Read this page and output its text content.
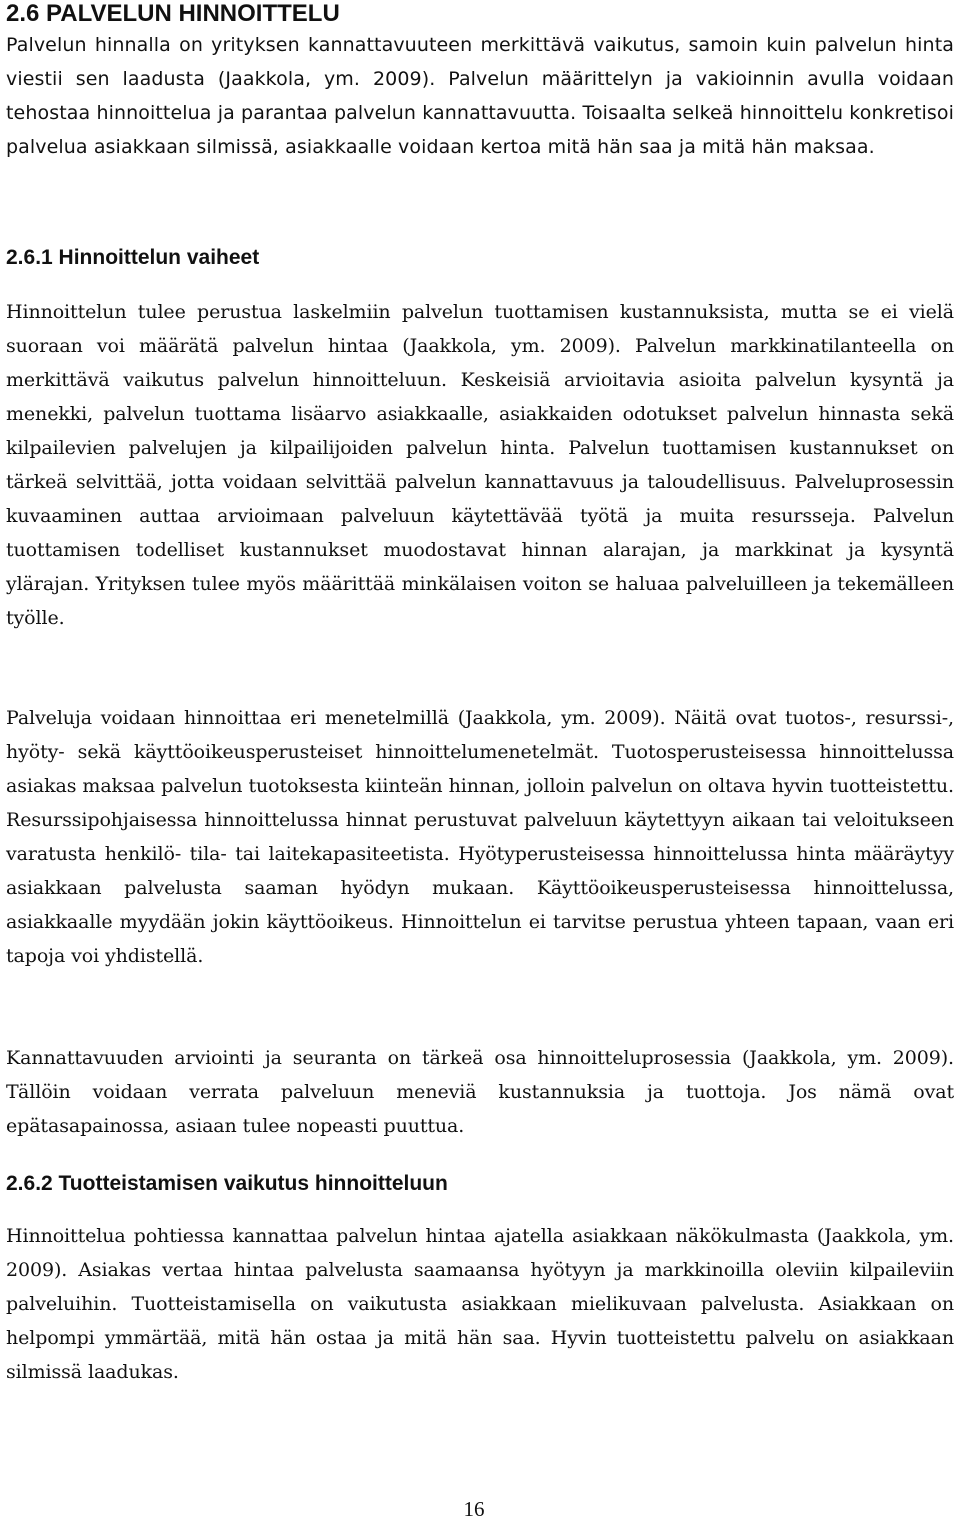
2.6 PALVELUN HINNOITTELU

Palvelun hinnalla on yrityksen kannattavuuteen merkittävä vaikutus, samoin kuin palvelun hinta viestii sen laadusta (Jaakkola, ym. 2009). Palvelun määrittelyn ja vakioinnin avulla voidaan tehostaa hinnoittelua ja parantaa palvelun kannattavuutta. Toisaalta selkeä hinnoittelu konkretisoi palvelua asiakkaan silmissä, asiakkaalle voidaan kertoa mitä hän saa ja mitä hän maksaa.

2.6.1 Hinnoittelun vaiheet

Hinnoittelun tulee perustua laskelmiin palvelun tuottamisen kustannuksista, mutta se ei vielä suoraan voi määrätä palvelun hintaa (Jaakkola, ym. 2009). Palvelun markkinatilanteella on merkittävä vaikutus palvelun hinnoitteluun. Keskeisiä arvioitavia asioita palvelun kysyntä ja menekki, palvelun tuottama lisäarvo asiakkaalle, asiakkaiden odotukset palvelun hinnasta sekä kilpailevien palvelujen ja kilpailijoiden palvelun hinta. Palvelun tuottamisen kustannukset on tärkeä selvittää, jotta voidaan selvittää palvelun kannattavuus ja taloudellisuus. Palveluprosessin kuvaaminen auttaa arvioimaan palveluun käytettävää työtä ja muita resursseja. Palvelun tuottamisen todelliset kustannukset muodostavat hinnan alarajan, ja markkinat ja kysyntä ylärajan. Yrityksen tulee myös määrittää minkälaisen voiton se haluaa palveluilleen ja tekemälleen työlle.

Palveluja voidaan hinnoittaa eri menetelmillä (Jaakkola, ym. 2009). Näitä ovat tuotos-, resurssi-, hyöty- sekä käyttöoikeusperusteiset hinnoittelumenetelmät. Tuotosperusteisessa hinnoittelussa asiakas maksaa palvelun tuotoksesta kiinteän hinnan, jolloin palvelun on oltava hyvin tuotteistettu. Resurssipohjaisessa hinnoittelussa hinnat perustuvat palveluun käytettyyn aikaan tai veloitukseen varatusta henkilö- tila- tai laitekapasiteetista. Hyötyperusteisessa hinnoittelussa hinta määräytyy asiakkaan palvelusta saaman hyödyn mukaan. Käyttöoikeusperusteisessa hinnoittelussa, asiakkaalle myydään jokin käyttöoikeus. Hinnoittelun ei tarvitse perustua yhteen tapaan, vaan eri tapoja voi yhdistellä.

Kannattavuuden arviointi ja seuranta on tärkeä osa hinnoitteluprosessia (Jaakkola, ym. 2009). Tällöin voidaan verrata palveluun meneviä kustannuksia ja tuottoja. Jos nämä ovat epätasapainossa, asiaan tulee nopeasti puuttua.

2.6.2 Tuotteistamisen vaikutus hinnoitteluun

Hinnoittelua pohtiessa kannattaa palvelun hintaa ajatella asiakkaan näkökulmasta (Jaakkola, ym. 2009). Asiakas vertaa hintaa palvelusta saamaansa hyötyyn ja markkinoilla oleviin kilpaileviin palveluihin. Tuotteistamisella on vaikutusta asiakkaan mielikuvaan palvelusta. Asiakkaan on helpompi ymmärtää, mitä hän ostaa ja mitä hän saa. Hyvin tuotteistettu palvelu on asiakkaan silmissä laadukas.

16
